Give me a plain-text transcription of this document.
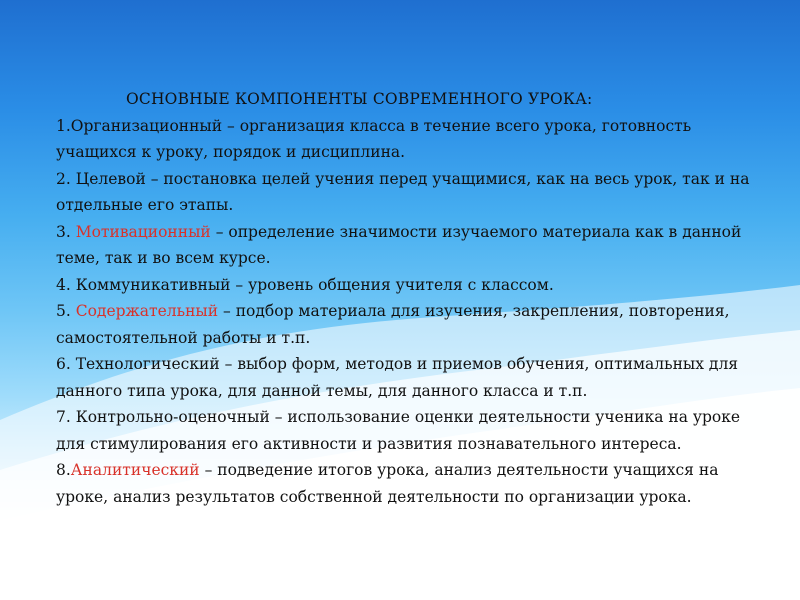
ОСНОВНЫЕ КОМПОНЕНТЫ СОВРЕМЕННОГО УРОКА:

1.Организационный – организация класса в течение всего урока, готовность учащихся к уроку, порядок и дисциплина.

2. Целевой – постановка целей учения перед учащимися, как на весь урок, так и на отдельные его этапы.

3. Мотивационный – определение значимости изучаемого материала как в данной теме, так и во всем курсе.

4. Коммуникативный – уровень общения учителя с классом.

5. Содержательный – подбор материала для изучения, закрепления, повторения, самостоятельной работы и т.п.

6. Технологический – выбор форм, методов и приемов обучения, оптимальных для данного типа урока, для данной темы, для данного класса и т.п.

7. Контрольно-оценочный – использование оценки деятельности ученика на уроке для стимулирования его активности и развития познавательного интереса.

8.Аналитический – подведение итогов урока, анализ деятельности учащихся на уроке, анализ результатов собственной деятельности по организации урока.
